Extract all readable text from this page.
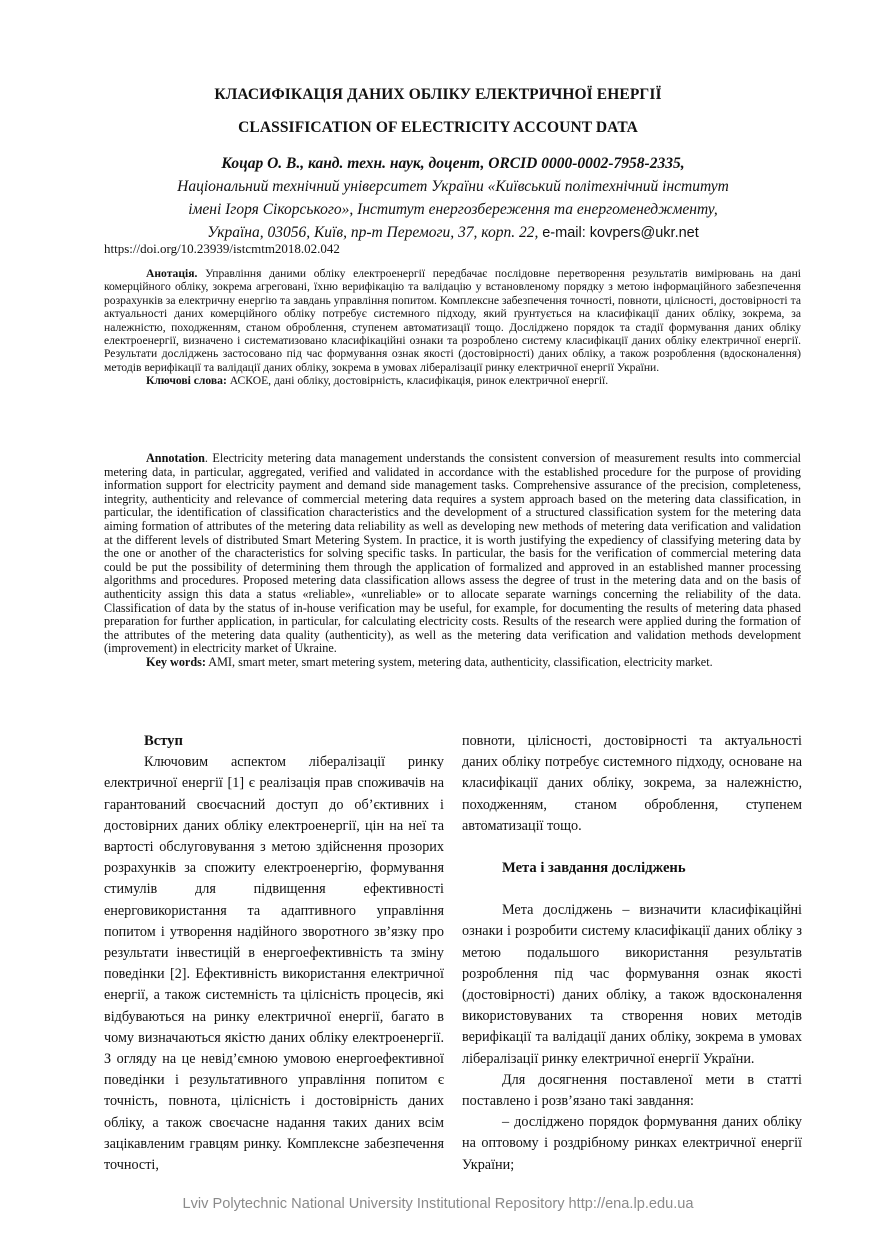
КЛАСИФІКАЦІЯ ДАНИХ ОБЛІКУ ЕЛЕКТРИЧНОЇ ЕНЕРГІЇ
CLASSIFICATION OF ELECTRICITY ACCOUNT DATA
Коцар О. В., канд. техн. наук, доцент, ORCID 0000-0002-7958-2335,
Національний технічний університет України «Київський політехнічний інститут
імені Ігоря Сікорського», Інститут енергозбереження та енергоменеджменту,
Україна, 03056, Київ, пр-т Перемоги, 37, корп. 22, e-mail: kovpers@ukr.net
https://doi.org/10.23939/istcmtm2018.02.042

Анотація. Управління даними обліку електроенергії передбачає послідовне перетворення результатів вимірювань на дані комерційного обліку, зокрема агреговані, їхню верифікацію та валідацію у встановленому порядку з метою інформаційного забезпечення розрахунків за електричну енергію та завдань управління попитом. Комплексне забезпечення точності, повноти, цілісності, достовірності та актуальності даних комерційного обліку потребує системного підходу, який ґрунтується на класифікації даних обліку, зокрема, за належністю, походженням, станом оброблення, ступенем автоматизації тощо. Досліджено порядок та стадії формування даних обліку електроенергії, визначено і систематизовано класифікаційні ознаки та розроблено систему класифікації даних обліку електричної енергії. Результати досліджень застосовано під час формування ознак якості (достовірності) даних обліку, а також розроблення (вдосконалення) методів верифікації та валідації даних обліку, зокрема в умовах лібералізації ринку електричної енергії України.

Ключові слова: АСКОЕ, дані обліку, достовірність, класифікація, ринок електричної енергії.

Annotation. Electricity metering data management understands the consistent conversion of measurement results into commercial metering data, in particular, aggregated, verified and validated in accordance with the established procedure for the purpose of providing information support for electricity payment and demand side management tasks. Comprehensive assurance of the precision, completeness, integrity, authenticity and relevance of commercial metering data requires a system approach based on the metering data classification, in particular, the identification of classification characteristics and the development of a structured classification system for the metering data aiming formation of attributes of the metering data reliability as well as developing new methods of metering data verification and validation at the different levels of distributed Smart Metering System. In practice, it is worth justifying the expediency of classifying metering data by the one or another of the characteristics for solving specific tasks. In particular, the basis for the verification of commercial metering data could be put the possibility of determining them through the application of formalized and approved in an established manner processing algorithms and procedures. Proposed metering data classification allows assess the degree of trust in the metering data and on the basis of authenticity assign this data a status «reliable», «unreliable» or to allocate separate warnings concerning the reliability of the data. Classification of data by the status of in-house verification may be useful, for example, for documenting the results of metering data phased preparation for further application, in particular, for calculating electricity costs. Results of the research were applied during the formation of the attributes of the metering data quality (authenticity), as well as the metering data verification and validation methods development (improvement) in electricity market of Ukraine.

Key words: AMI, smart meter, smart metering system, metering data, authenticity, classification, electricity market.

Вступ

Ключовим аспектом лібералізації ринку електричної енергії [1] є реалізація прав споживачів на гарантований своєчасний доступ до об’єктивних і достовірних даних обліку електроенергії, цін на неї та вартості обслуговування з метою здійснення прозорих розрахунків за спожиту електроенергію, формування стимулів для підвищення ефективності енерговикористання та адаптивного управління попитом і утворення надійного зворотного зв’язку про результати інвестицій в енергоефективність та зміну поведінки [2]. Ефективність використання електричної енергії, а також системність та цілісність процесів, які відбуваються на ринку електричної енергії, багато в чому визначаються якістю даних обліку електроенергії. З огляду на це невід’ємною умовою енергоефективної поведінки і результативного управління попитом є точність, повнота, цілісність і достовірність даних обліку, а також своєчасне надання таких даних всім зацікавленим гравцям ринку. Комплексне забезпечення точності,

повноти, цілісності, достовірності та актуальності даних обліку потребує системного підходу, основане на класифікації даних обліку, зокрема, за належністю, походженням, станом оброблення, ступенем автоматизації тощо.

Мета і завдання досліджень

Мета досліджень – визначити класифікаційні ознаки і розробити систему класифікації даних обліку з метою подальшого використання результатів розроблення під час формування ознак якості (достовірності) даних обліку, а також вдосконалення використовуваних та створення нових методів верифікації та валідації даних обліку, зокрема в умовах лібералізації ринку електричної енергії України.

Для досягнення поставленої мети в статті поставлено і розв’язано такі завдання:

– досліджено порядок формування даних обліку на оптовому і роздрібному ринках електричної енергії України;

Lviv Polytechnic National University Institutional Repository http://ena.lp.edu.ua
